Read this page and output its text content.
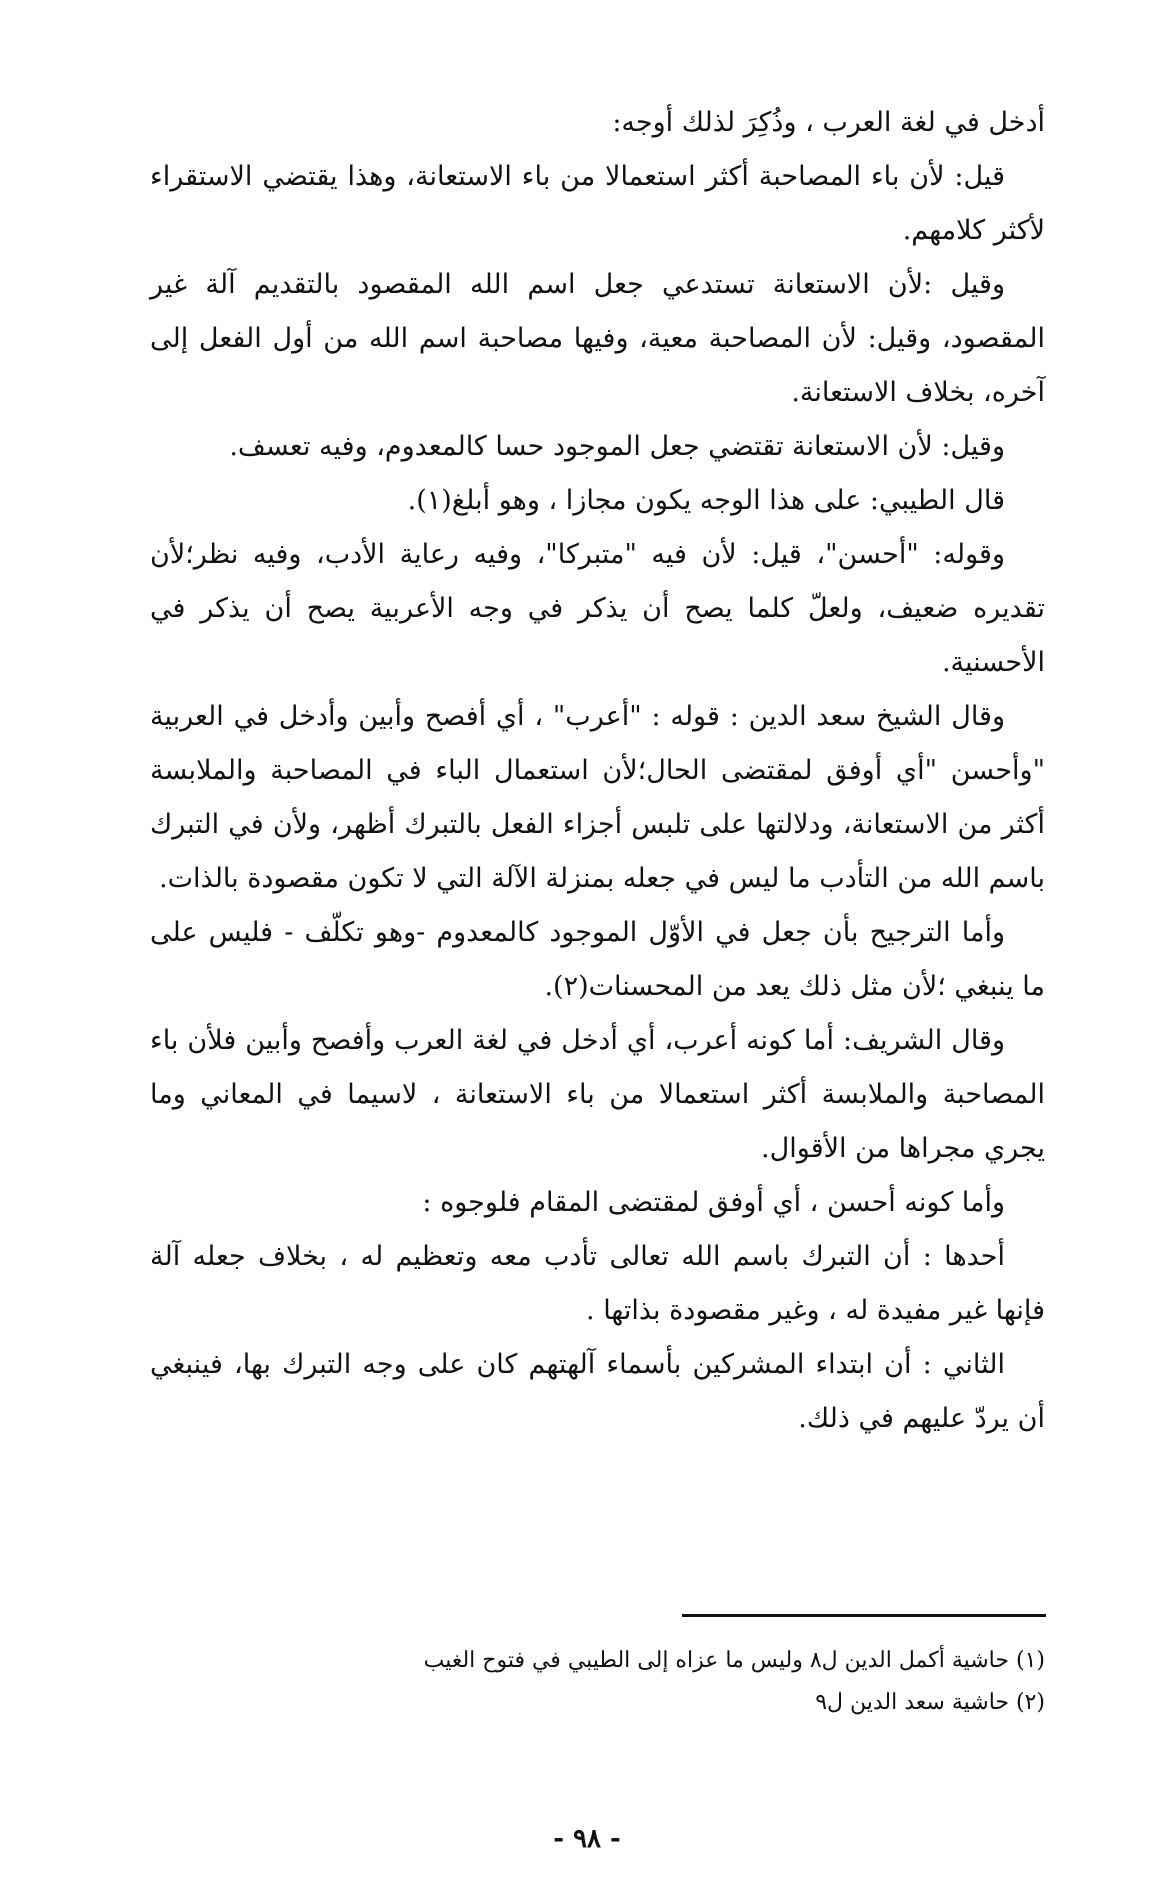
أدخل في لغة العرب ، وذُكِرَ لذلك أوجه:

قيل: لأن باء المصاحبة أكثر استعمالا من باء الاستعانة، وهذا يقتضي الاستقراء لأكثر كلامهم.

وقيل :لأن الاستعانة تستدعي جعل اسم الله المقصود بالتقديم آلة غير المقصود، وقيل: لأن المصاحبة معية، وفيها مصاحبة اسم الله من أول الفعل إلى آخره، بخلاف الاستعانة.

وقيل: لأن الاستعانة تقتضي جعل الموجود حسا كالمعدوم، وفيه تعسف.

قال الطيبي: على هذا الوجه يكون مجازا ، وهو أبلغ(١).

وقوله: "أحسن"، قيل: لأن فيه "متبركا"، وفيه رعاية الأدب، وفيه نظر؛لأن تقديره ضعيف، ولعلّ كلما يصح أن يذكر في وجه الأعربية يصح أن يذكر في الأحسنية.

وقال الشيخ سعد الدين : قوله : "أعرب" ، أي أفصح وأبين وأدخل في العربية "وأحسن "أي أوفق لمقتضى الحال؛لأن استعمال الباء في المصاحبة والملابسة أكثر من الاستعانة، ودلالتها على تلبس أجزاء الفعل بالتبرك أظهر، ولأن في التبرك باسم الله من التأدب ما ليس في جعله بمنزلة الآلة التي لا تكون مقصودة بالذات.

وأما الترجيح بأن جعل في الأوّل الموجود كالمعدوم -وهو تكلّف - فليس على ما ينبغي ؛لأن مثل ذلك يعد من المحسنات(٢).

وقال الشريف: أما كونه أعرب، أي أدخل في لغة العرب وأفصح وأبين فلأن باء المصاحبة والملابسة أكثر استعمالا من باء الاستعانة ، لاسيما في المعاني وما يجري مجراها من الأقوال.

وأما كونه أحسن ، أي أوفق لمقتضى المقام فلوجوه :

أحدها : أن التبرك باسم الله تعالى تأدب معه وتعظيم له ، بخلاف جعله آلة فإنها غير مفيدة له ، وغير مقصودة بذاتها .

الثاني : أن ابتداء المشركين بأسماء آلهتهم كان على وجه التبرك بها، فينبغي أن يردّ عليهم في ذلك.

(١) حاشية أكمل الدين ل٨ وليس ما عزاه إلى الطيبي في فتوح الغيب

(٢) حاشية سعد الدين ل٩

- ٩٨ -
